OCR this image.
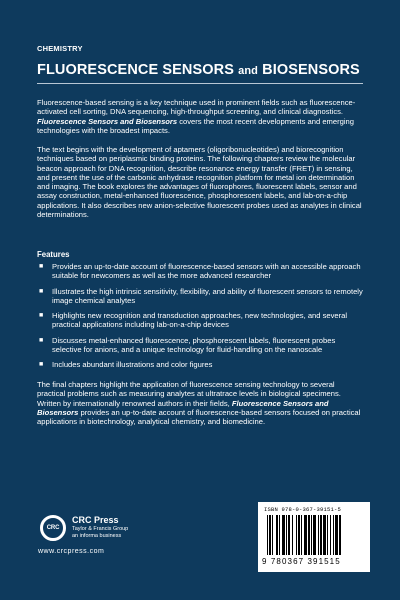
CHEMISTRY
FLUORESCENCE SENSORS and BIOSENSORS

Fluorescence-based sensing is a key technique used in prominent fields such as fluorescence-activated cell sorting, DNA sequencing, high-throughput screening, and clinical diagnostics. Fluorescence Sensors and Biosensors covers the most recent developments and emerging technologies with the broadest impacts.

The text begins with the development of aptamers (oligoribonucleotides) and biorecognition techniques based on periplasmic binding proteins. The following chapters review the molecular beacon approach for DNA recognition, describe resonance energy transfer (FRET) in sensing, and present the use of the carbonic anhydrase recognition platform for metal ion determination and imaging. The book explores the advantages of fluorophores, fluorescent labels, sensor and assay construction, metal-enhanced fluorescence, phosphorescent labels, and lab-on-a-chip applications. It also describes new anion-selective fluorescent probes used as analytes in clinical determinations.

Features
■ Provides an up-to-date account of fluorescence-based sensors with an accessible approach suitable for newcomers as well as the more advanced researcher
■ Illustrates the high intrinsic sensitivity, flexibility, and ability of fluorescent sensors to remotely image chemical analytes
■ Highlights new recognition and transduction approaches, new technologies, and several practical applications including lab-on-a-chip devices
■ Discusses metal-enhanced fluorescence, phosphorescent labels, fluorescent probes selective for anions, and a unique technology for fluid-handling on the nanoscale
■ Includes abundant illustrations and color figures

The final chapters highlight the application of fluorescence sensing technology to several practical problems such as measuring analytes at ultratrace levels in biological specimens. Written by internationally renowned authors in their fields, Fluorescence Sensors and Biosensors provides an up-to-date account of fluorescence-based sensors focused on practical applications in biotechnology, analytical chemistry, and biomedicine.

CRC
CRC Press
Taylor & Francis Group
an informa business
www.crcpress.com
ISBN 978-0-367-39151-5
9 780367 391515
